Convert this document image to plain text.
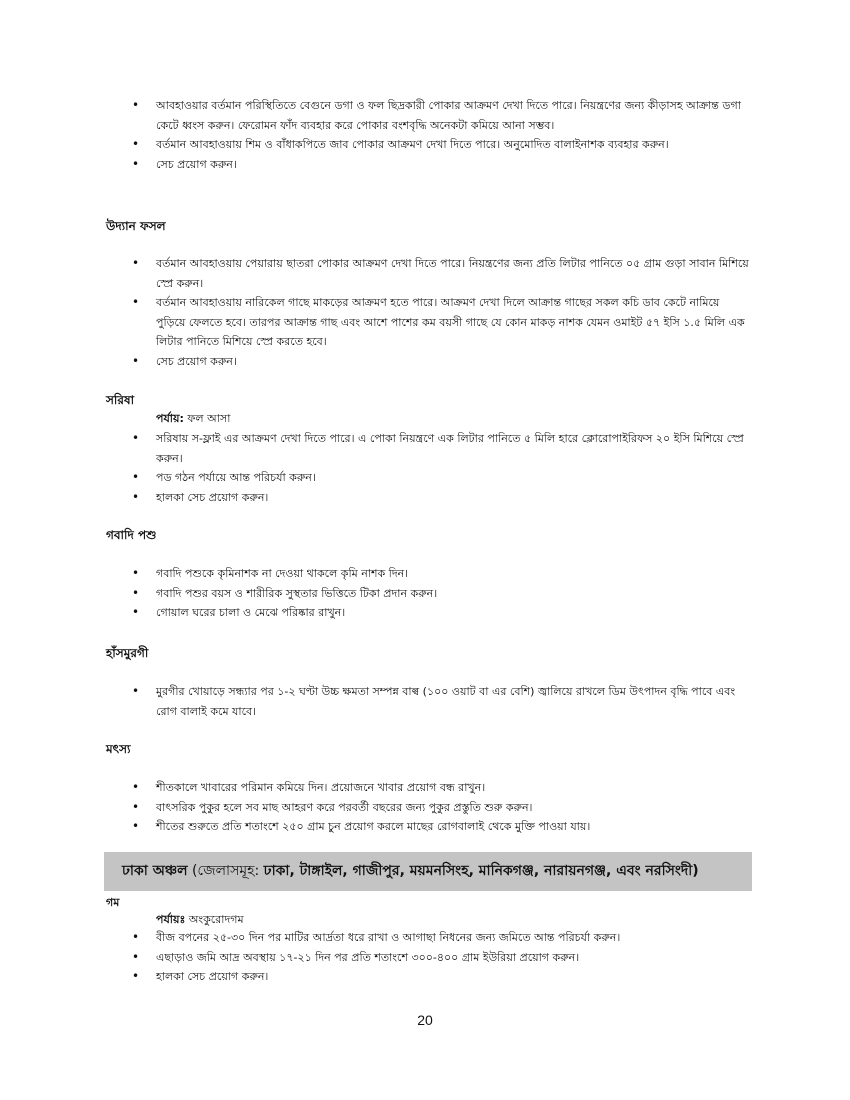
• আবহাওয়ার বর্তমান পরিস্থিতিতে বেগুনে ডগা ও ফল ছিদ্রকারী পোকার আক্রমণ দেখা দিতে পারে। নিয়ন্ত্রণের জন্য কীড়াসহ আক্রান্ত ডগা কেটে ধ্বংস করুন। ফেরোমন ফাঁদ ব্যবহার করে পোকার বংশবৃদ্ধি অনেকটা কমিয়ে আনা সম্ভব।
• বর্তমান আবহাওয়ায় শিম ও বাঁধাকপিতে জাব পোকার আক্রমণ দেখা দিতে পারে। অনুমোদিত বালাইনাশক ব্যবহার করুন।
• সেচ প্রয়োগ করুন।
উদ্যান ফসল
• বর্তমান আবহাওয়ায় পেয়ারায় ছাতরা পোকার আক্রমণ দেখা দিতে পারে। নিয়ন্ত্রণের জন্য প্রতি লিটার পানিতে ০৫ গ্রাম গুড়া সাবান মিশিয়ে স্প্রে করুন।
• বর্তমান আবহাওয়ায় নারিকেল গাছে মাকড়ের আক্রমণ হতে পারে। আক্রমণ দেখা দিলে আক্রান্ত গাছের সকল কচি ডাব কেটে নামিয়ে পুড়িয়ে ফেলতে হবে। তারপর আক্রান্ত গাছ এবং আশে পাশের কম বয়সী গাছে যে কোন মাকড় নাশক যেমন ওমাইট ৫৭ ইসি ১.৫ মিলি এক লিটার পানিতে মিশিয়ে স্প্রে করতে হবে।
• সেচ প্রয়োগ করুন।
সরিষা
পর্যায়: ফল আসা
• সরিষায় স-ফ্লাই এর আক্রমণ দেখা দিতে পারে। এ পোকা নিয়ন্ত্রণে এক লিটার পানিতে ৫ মিলি হারে ক্লোরোপাইরিফস ২০ ইসি মিশিয়ে স্প্রে করুন।
• পড গঠন পর্যায়ে আন্ত পরিচর্যা করুন।
• হালকা সেচ প্রয়োগ করুন।
গবাদি পশু
• গবাদি পশুকে কৃমিনাশক না দেওয়া থাকলে কৃমি নাশক দিন।
• গবাদি পশুর বয়স ও শারীরিক সুস্থতার ভিত্তিতে টিকা প্রদান করুন।
• গোয়াল ঘরের চালা ও মেঝে পরিষ্কার রাখুন।
হাঁসমুরগী
• মুরগীর খোয়াড়ে সন্ধ্যার পর ১-২ ঘণ্টা উচ্চ ক্ষমতা সম্পন্ন বাল্ব (১০০ ওয়াট বা এর বেশি) জ্বালিয়ে রাখলে ডিম উৎপাদন বৃদ্ধি পাবে এবং রোগ বালাই কমে যাবে।
মৎস্য
• শীতকালে খাবারের পরিমান কমিয়ে দিন। প্রয়োজনে খাবার প্রয়োগ বন্ধ রাখুন।
• বাৎসরিক পুকুর হলে সব মাছ আহরণ করে পরবর্তী বছরের জন্য পুকুর প্রস্তুতি শুরু করুন।
• শীতের শুরুতে প্রতি শতাংশে ২৫০ গ্রাম চুন প্রয়োগ করলে মাছের রোগবালাই থেকে মুক্তি পাওয়া যায়।
ঢাকা অঞ্চল (জেলাসমূহ: ঢাকা, টাঙ্গাইল, গাজীপুর, ময়মনসিংহ, মানিকগঞ্জ, নারায়নগঞ্জ, এবং নরসিংদী)
গম
পর্যায়ঃ অংকুরোদগম
• বীজ বপনের ২৫-৩০ দিন পর মাটির আর্দ্রতা ধরে রাখা ও আগাছা নিধনের জন্য জমিতে আন্ত পরিচর্যা করুন।
• এছাড়াও জমি আদ্র অবস্থায় ১৭-২১ দিন পর প্রতি শতাংশে ৩০০-৪০০ গ্রাম ইউরিয়া প্রয়োগ করুন।
• হালকা সেচ প্রয়োগ করুন।
20
